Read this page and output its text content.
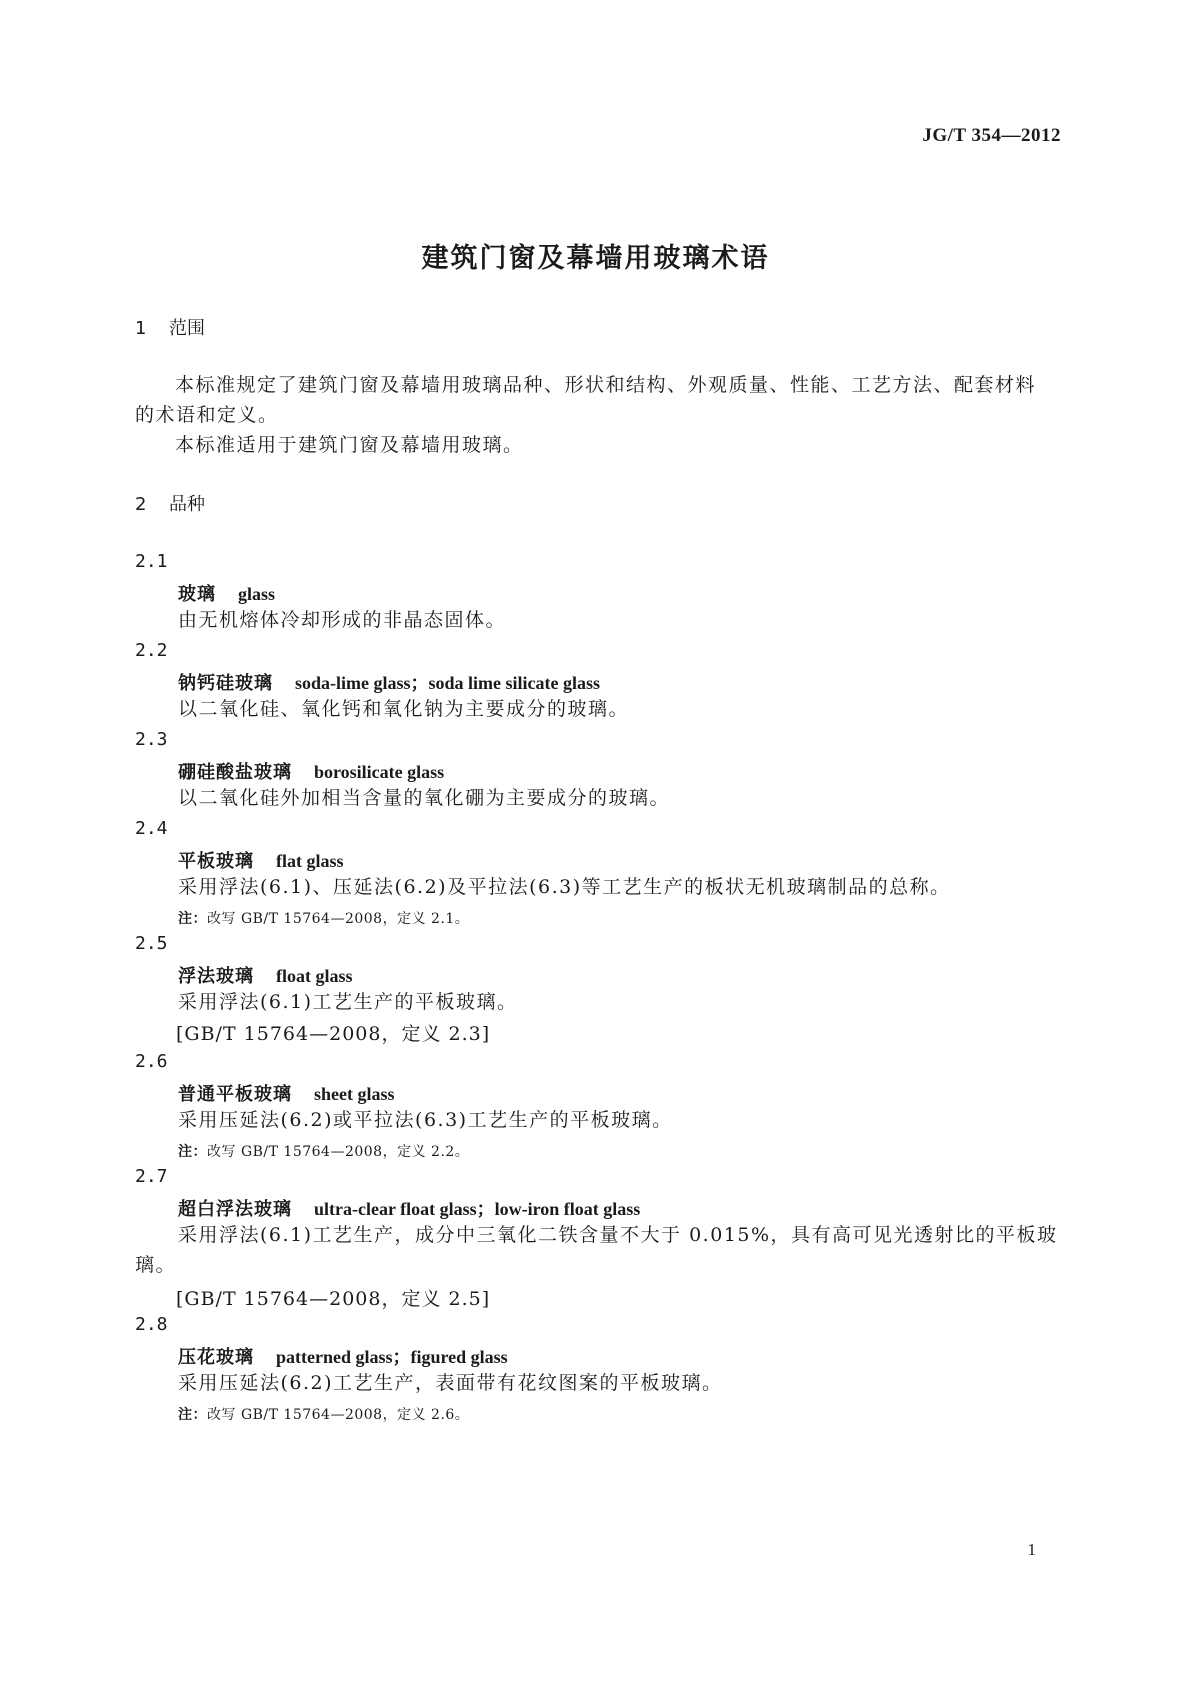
JG/T 354—2012
建筑门窗及幕墙用玻璃术语
1 范围
本标准规定了建筑门窗及幕墙用玻璃品种、形状和结构、外观质量、性能、工艺方法、配套材料的术语和定义。
本标准适用于建筑门窗及幕墙用玻璃。
2 品种
2.1
玻璃 glass
由无机熔体冷却形成的非晶态固体。
2.2
钠钙硅玻璃 soda-lime glass；soda lime silicate glass
以二氧化硅、氧化钙和氧化钠为主要成分的玻璃。
2.3
硼硅酸盐玻璃 borosilicate glass
以二氧化硅外加相当含量的氧化硼为主要成分的玻璃。
2.4
平板玻璃 flat glass
采用浮法(6.1)、压延法(6.2)及平拉法(6.3)等工艺生产的板状无机玻璃制品的总称。
注：改写 GB/T 15764—2008，定义 2.1。
2.5
浮法玻璃 float glass
采用浮法(6.1)工艺生产的平板玻璃。
[GB/T 15764—2008，定义 2.3]
2.6
普通平板玻璃 sheet glass
采用压延法(6.2)或平拉法(6.3)工艺生产的平板玻璃。
注：改写 GB/T 15764—2008，定义 2.2。
2.7
超白浮法玻璃 ultra-clear float glass；low-iron float glass
采用浮法(6.1)工艺生产，成分中三氧化二铁含量不大于 0.015%，具有高可见光透射比的平板玻璃。
[GB/T 15764—2008，定义 2.5]
2.8
压花玻璃 patterned glass；figured glass
采用压延法(6.2)工艺生产，表面带有花纹图案的平板玻璃。
注：改写 GB/T 15764—2008，定义 2.6。
1
